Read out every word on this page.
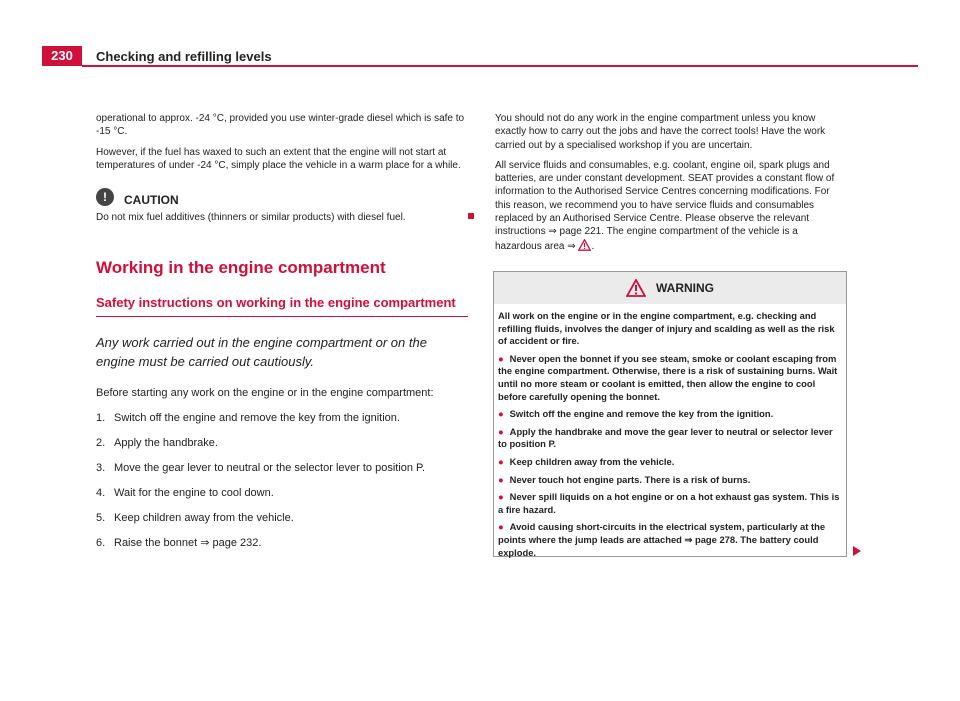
230	Checking and refilling levels

operational to approx. -24 °C, provided you use winter-grade diesel which is safe to -15 °C.

However, if the fuel has waxed to such an extent that the engine will not start at temperatures of under -24 °C, simply place the vehicle in a warm place for a while.

!	CAUTION
Do not mix fuel additives (thinners or similar products) with diesel fuel.
Working in the engine compartment
Safety instructions on working in the engine compartment
Any work carried out in the engine compartment or on the engine must be carried out cautiously.
Before starting any work on the engine or in the engine compartment:
1. Switch off the engine and remove the key from the ignition.
2. Apply the handbrake.
3. Move the gear lever to neutral or the selector lever to position P.
4. Wait for the engine to cool down.
5. Keep children away from the vehicle.
6. Raise the bonnet ⇒ page 232.

You should not do any work in the engine compartment unless you know exactly how to carry out the jobs and have the correct tools! Have the work carried out by a specialised workshop if you are uncertain.

All service fluids and consumables, e.g. coolant, engine oil, spark plugs and batteries, are under constant development. SEAT provides a constant flow of information to the Authorised Service Centres concerning modifications. For this reason, we recommend you to have service fluids and consumables replaced by an Authorised Service Centre. Please observe the relevant instructions ⇒ page 221. The engine compartment of the vehicle is a hazardous area ⇒ .

WARNING

All work on the engine or in the engine compartment, e.g. checking and refilling fluids, involves the danger of injury and scalding as well as the risk of accident or fire.

● Never open the bonnet if you see steam, smoke or coolant escaping from the engine compartment. Otherwise, there is a risk of sustaining burns. Wait until no more steam or coolant is emitted, then allow the engine to cool before carefully opening the bonnet.

● Switch off the engine and remove the key from the ignition.

● Apply the handbrake and move the gear lever to neutral or selector lever to position P.

● Keep children away from the vehicle.

● Never touch hot engine parts. There is a risk of burns.

● Never spill liquids on a hot engine or on a hot exhaust gas system. This is a fire hazard.

● Avoid causing short-circuits in the electrical system, particularly at the points where the jump leads are attached ⇒ page 278. The battery could explode.
